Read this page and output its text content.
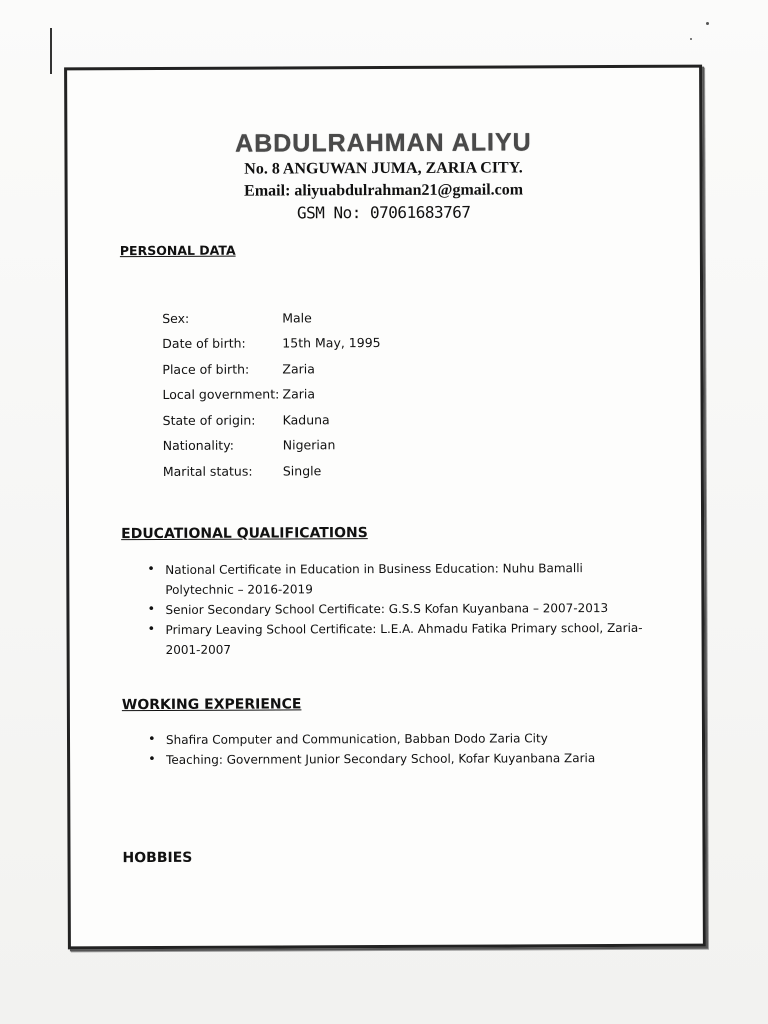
ABDULRAHMAN ALIYU
No. 8 ANGUWAN JUMA, ZARIA CITY.
Email: aliyuabdulrahman21@gmail.com
GSM No: 07061683767
PERSONAL DATA
Sex:	Male
Date of birth:	15th May, 1995
Place of birth:	Zaria
Local government: Zaria
State of origin: Kaduna
Nationality:	Nigerian
Marital status: Single
EDUCATIONAL QUALIFICATIONS
• National Certificate in Education in Business Education: Nuhu Bamalli Polytechnic – 2016-2019
• Senior Secondary School Certificate: G.S.S Kofan Kuyanbana – 2007-2013
• Primary Leaving School Certificate: L.E.A. Ahmadu Fatika Primary school, Zaria- 2001-2007
WORKING EXPERIENCE
• Shafira Computer and Communication, Babban Dodo Zaria City
• Teaching: Government Junior Secondary School, Kofar Kuyanbana Zaria
HOBBIES
